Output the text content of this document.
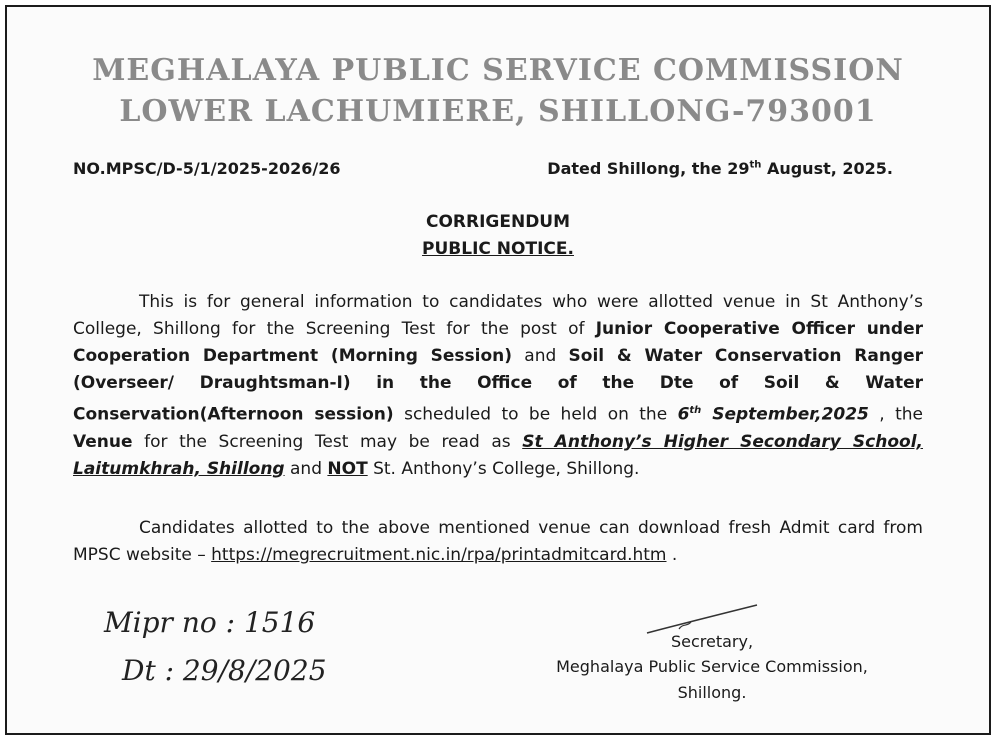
MEGHALAYA PUBLIC SERVICE COMMISSION
LOWER LACHUMIERE, SHILLONG-793001
NO.MPSC/D-5/1/2025-2026/26	Dated Shillong, the 29th August, 2025.
CORRIGENDUM
PUBLIC NOTICE.

This is for general information to candidates who were allotted venue in St Anthony’s College, Shillong for the Screening Test for the post of Junior Cooperative Officer under Cooperation Department (Morning Session) and Soil & Water Conservation Ranger (Overseer/ Draughtsman-I) in the Office of the Dte of Soil & Water Conservation(Afternoon session) scheduled to be held on the 6th September,2025 , the Venue for the Screening Test may be read as St Anthony’s Higher Secondary School, Laitumkhrah, Shillong and NOT St. Anthony’s College, Shillong.

Candidates allotted to the above mentioned venue can download fresh Admit card from MPSC website – https://megrecruitment.nic.in/rpa/printadmitcard.htm .

Mipr no : 1516
Dt : 29/8/2025
Secretary,
Meghalaya Public Service Commission,
Shillong.
